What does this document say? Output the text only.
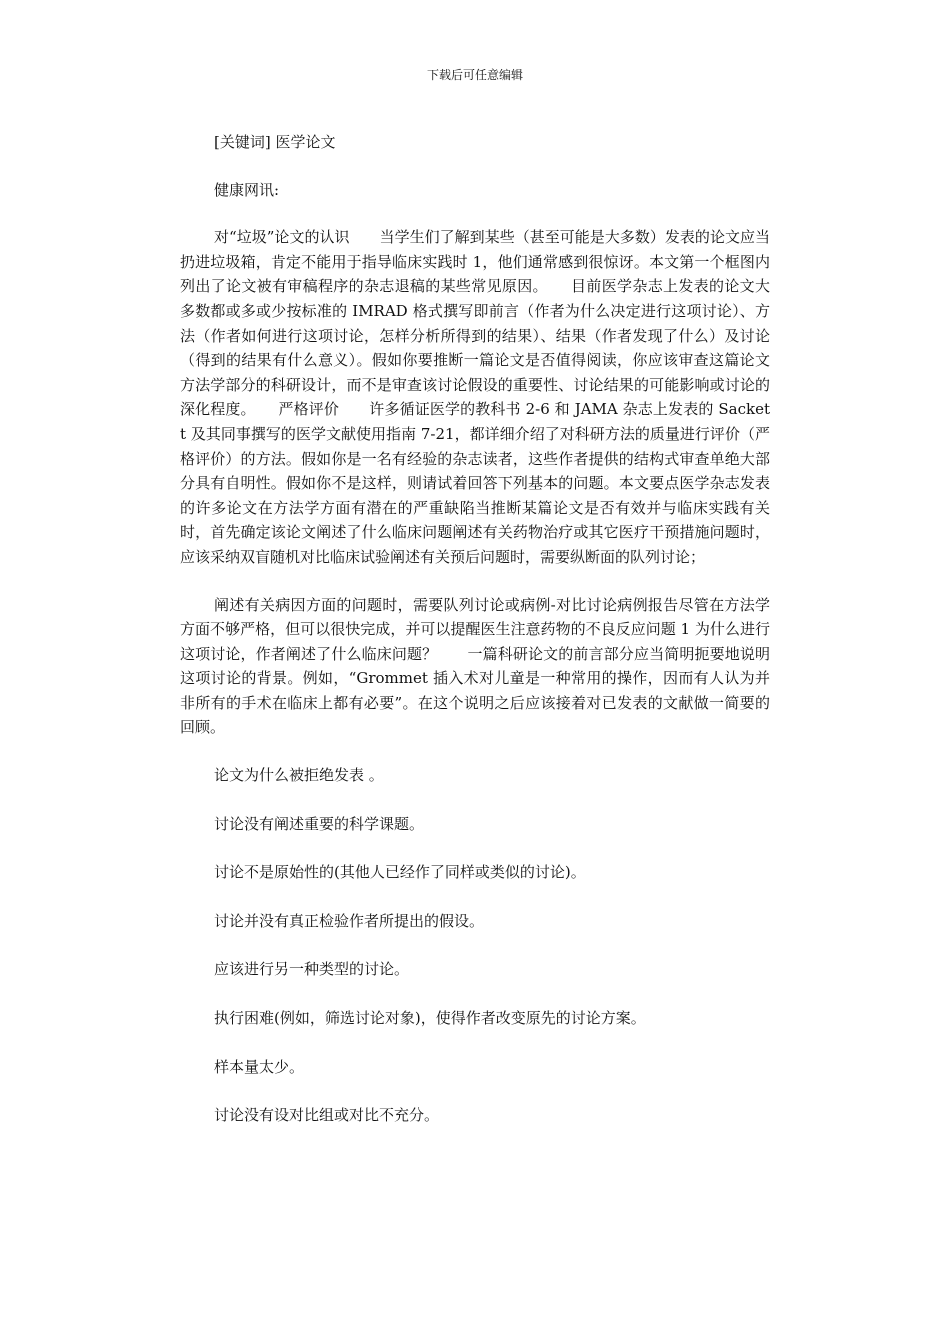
下载后可任意编辑

[关键词] 医学论文

健康网讯:

对“垃圾”论文的认识　　当学生们了解到某些（甚至可能是大多数）发表的论文应当扔进垃圾箱，肯定不能用于指导临床实践时 1，他们通常感到很惊讶。本文第一个框图内列出了论文被有审稿程序的杂志退稿的某些常见原因。　　目前医学杂志上发表的论文大多数都或多或少按标准的 IMRAD 格式撰写即前言（作者为什么决定进行这项讨论）、方法（作者如何进行这项讨论，怎样分析所得到的结果）、结果（作者发现了什么）及讨论（得到的结果有什么意义）。假如你要推断一篇论文是否值得阅读，你应该审查这篇论文方法学部分的科研设计，而不是审查该讨论假设的重要性、讨论结果的可能影响或讨论的深化程度。　　严格评价　　许多循证医学的教科书 2-6 和 JAMA 杂志上发表的 Sackett 及其同事撰写的医学文献使用指南 7-21，都详细介绍了对科研方法的质量进行评价（严格评价）的方法。假如你是一名有经验的杂志读者，这些作者提供的结构式审查单绝大部分具有自明性。假如你不是这样，则请试着回答下列基本的问题。本文要点医学杂志发表的许多论文在方法学方面有潜在的严重缺陷当推断某篇论文是否有效并与临床实践有关时，首先确定该论文阐述了什么临床问题阐述有关药物治疗或其它医疗干预措施问题时，应该采纳双盲随机对比临床试验阐述有关预后问题时，需要纵断面的队列讨论；

阐述有关病因方面的问题时，需要队列讨论或病例-对比讨论病例报告尽管在方法学方面不够严格，但可以很快完成，并可以提醒医生注意药物的不良反应问题 1 为什么进行这项讨论，作者阐述了什么临床问题？　　一篇科研论文的前言部分应当简明扼要地说明这项讨论的背景。例如，“Grommet 插入术对儿童是一种常用的操作，因而有人认为并非所有的手术在临床上都有必要”。在这个说明之后应该接着对已发表的文献做一简要的回顾。

论文为什么被拒绝发表 。

讨论没有阐述重要的科学课题。

讨论不是原始性的(其他人已经作了同样或类似的讨论)。

讨论并没有真正检验作者所提出的假设。

应该进行另一种类型的讨论。

执行困难(例如，筛选讨论对象)，使得作者改变原先的讨论方案。

样本量太少。

讨论没有设对比组或对比不充分。
